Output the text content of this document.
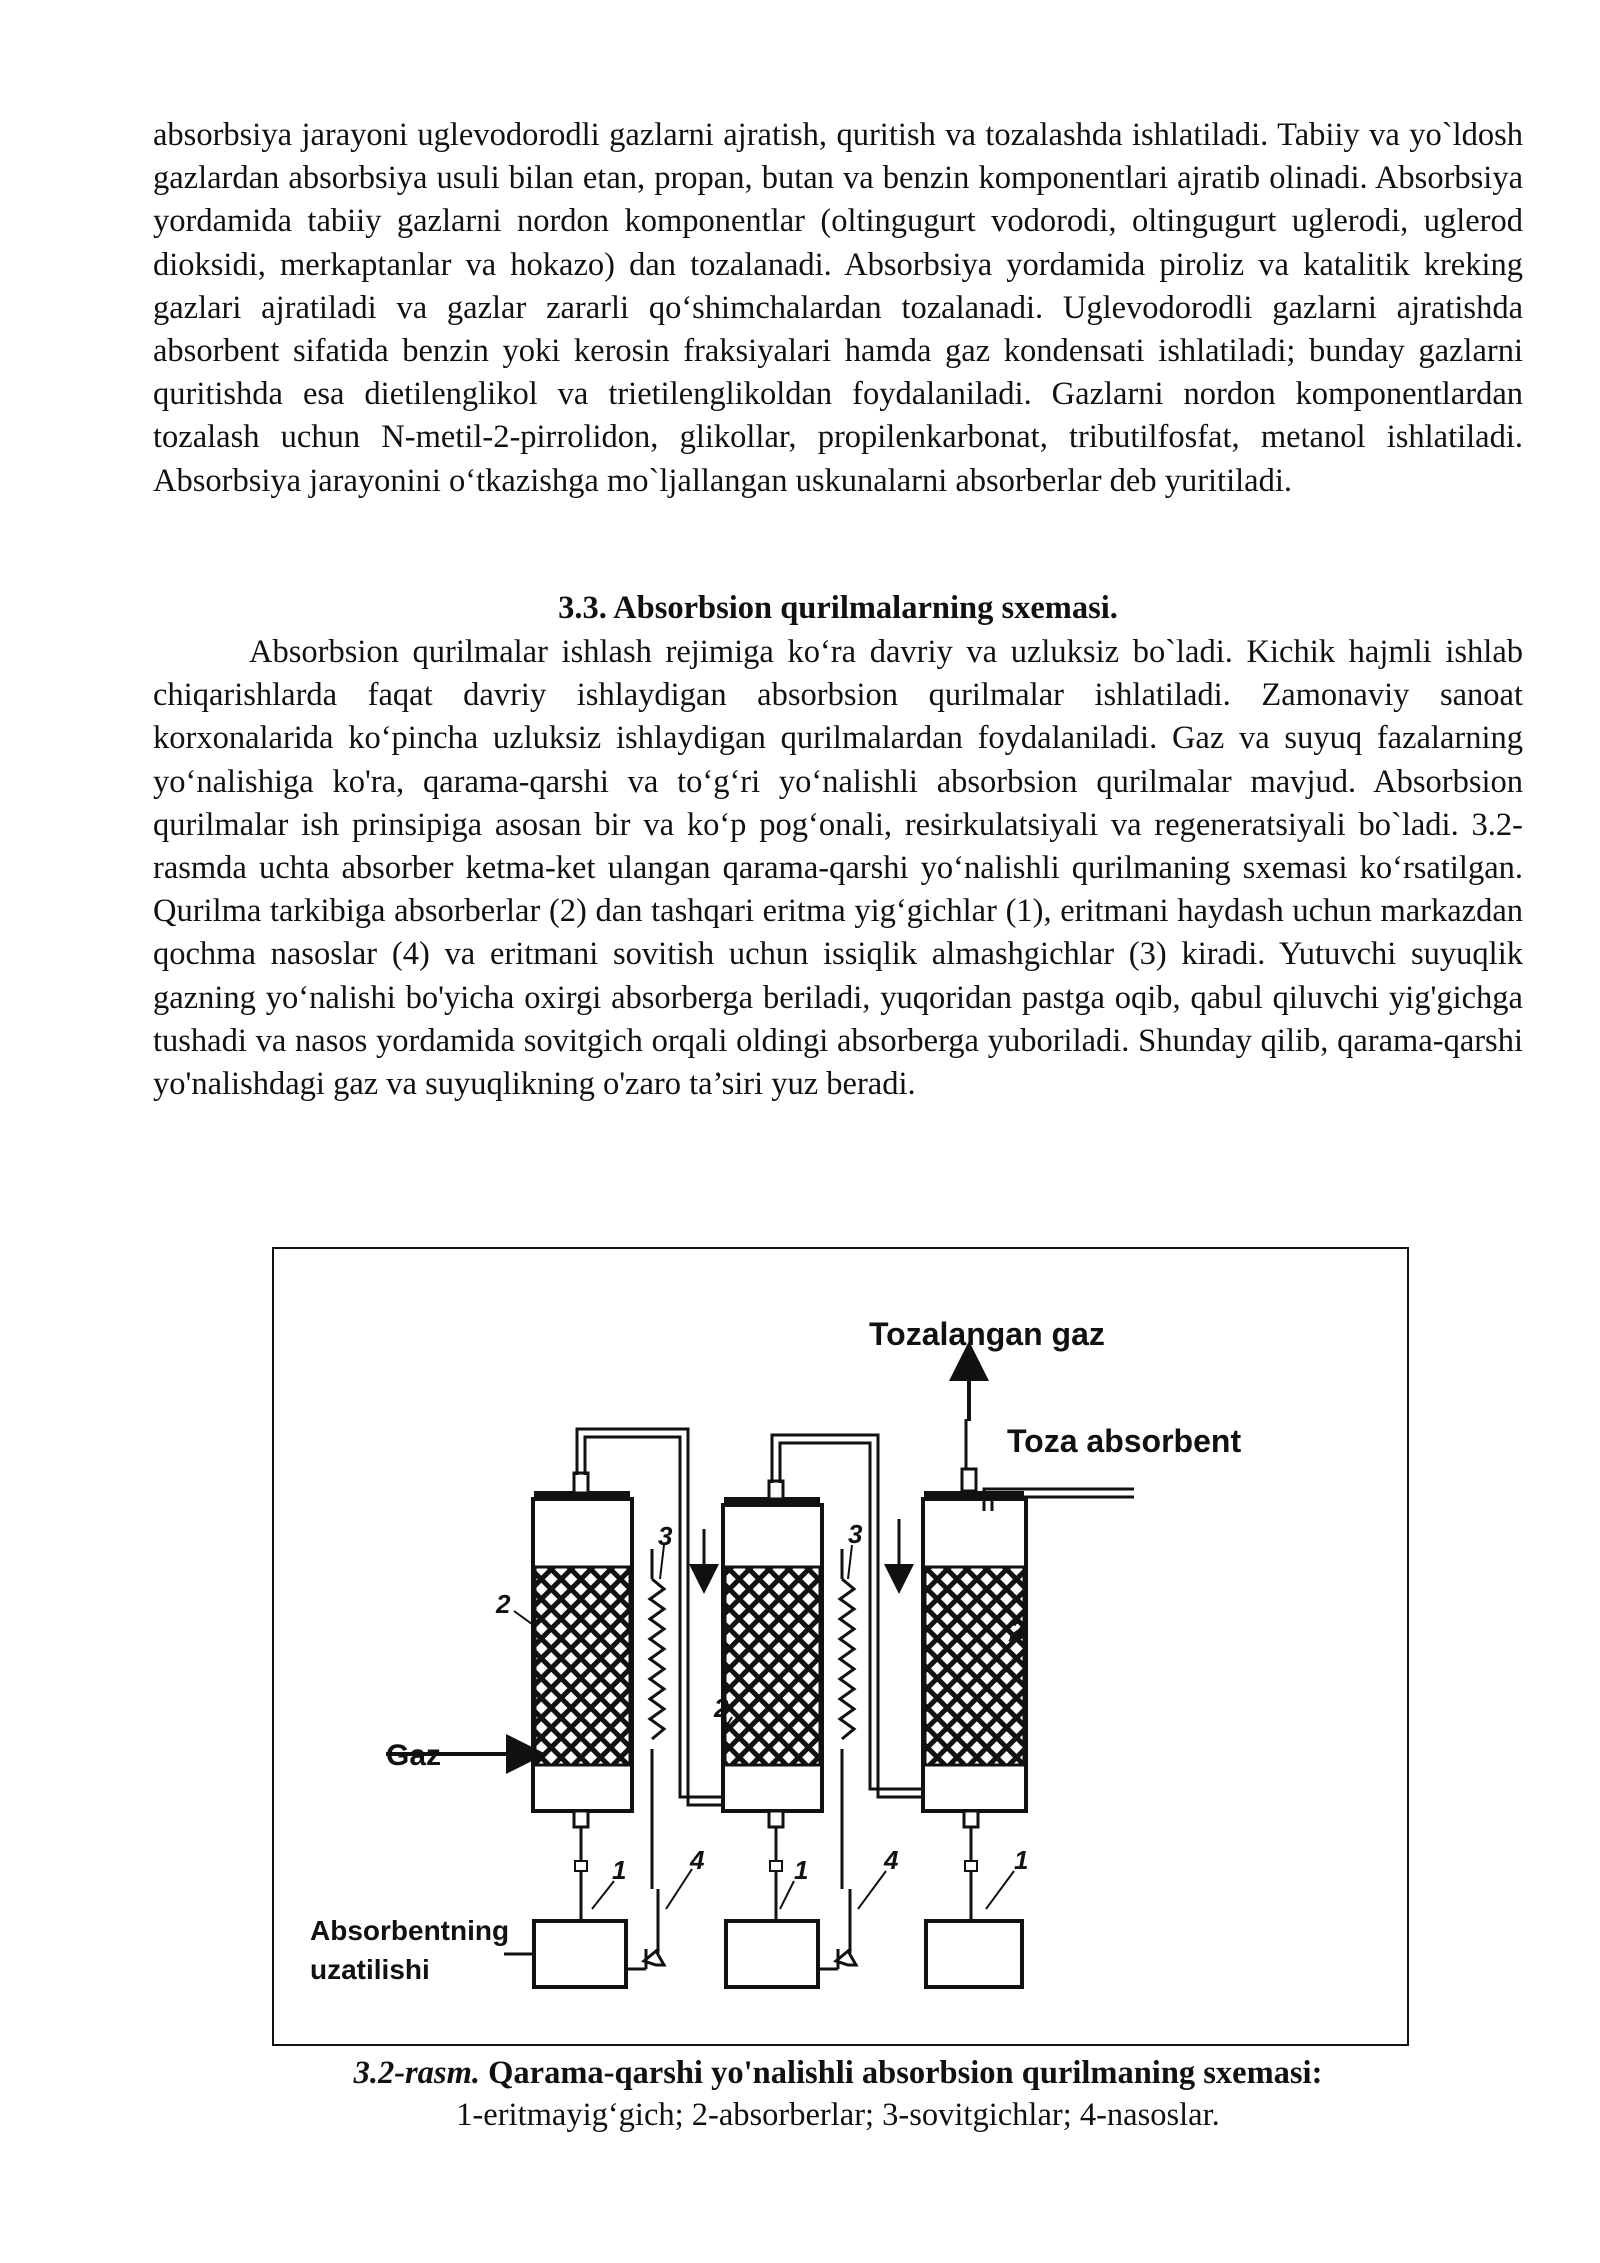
absorbsiya jarayoni uglevodorodli gazlarni ajratish, quritish va tozalashda ishlatiladi. Tabiiy va yo`ldosh gazlardan absorbsiya usuli bilan etan, propan, butan va benzin komponentlari ajratib olinadi. Absorbsiya yordamida tabiiy gazlarni nordon komponentlar (oltingugurt vodorodi, oltingugurt uglerodi, uglerod dioksidi, merkaptanlar va hokazo) dan tozalanadi. Absorbsiya yordamida piroliz va katalitik kreking gazlari ajratiladi va gazlar zararli qo‘shimchalardan tozalanadi. Uglevodorodli gazlarni ajratishda absorbent sifatida benzin yoki kerosin fraksiyalari hamda gaz kondensati ishlatiladi; bunday gazlarni quritishda esa dietilenglikol va trietilenglikoldan foydalaniladi. Gazlarni nordon komponentlardan tozalash uchun N-metil-2-pirrolidon, glikollar, propilenkarbonat, tributilfosfat, metanol ishlatiladi. Absorbsiya jarayonini o‘tkazishga mo`ljallangan uskunalarni absorberlar deb yuritiladi.

3.3. Absorbsion qurilmalarning sxemasi.

Absorbsion qurilmalar ishlash rejimiga ko‘ra davriy va uzluksiz bo`ladi. Kichik hajmli ishlab chiqarishlarda faqat davriy ishlaydigan absorbsion qurilmalar ishlatiladi. Zamonaviy sanoat korxonalarida ko‘pincha uzluksiz ishlaydigan qurilmalardan foydalaniladi. Gaz va suyuq fazalarning yo‘nalishiga ko'ra, qarama-qarshi va to‘g‘ri yo‘nalishli absorbsion qurilmalar mavjud. Absorbsion qurilmalar ish prinsipiga asosan bir va ko‘p pog‘onali, resirkulatsiyali va regeneratsiyali bo`ladi. 3.2-rasmda uchta absorber ketma-ket ulangan qarama-qarshi yo‘nalishli qurilmaning sxemasi ko‘rsatilgan. Qurilma tarkibiga absorberlar (2) dan tashqari eritma yig‘gichlar (1), eritmani haydash uchun markazdan qochma nasoslar (4) va eritmani sovitish uchun issiqlik almashgichlar (3) kiradi. Yutuvchi suyuqlik gazning yo‘nalishi bo'yicha oxirgi absorberga beriladi, yuqoridan pastga oqib, qabul qiluvchi yig'gichga tushadi va nasos yordamida sovitgich orqali oldingi absorberga yuboriladi. Shunday qilib, qarama-qarshi yo'nalishdagi gaz va suyuqlikning o'zaro ta’siri yuz beradi.

Tozalangan gaz
Toza absorbent
Gaz
Absorbentning
uzatilishi
2
2
2
3	3
1	1	1
4	4

3.2-rasm. Qarama-qarshi yo'nalishli absorbsion qurilmaning sxemasi:

1-eritmayig‘gich; 2-absorberlar; 3-sovitgichlar; 4-nasoslar.
